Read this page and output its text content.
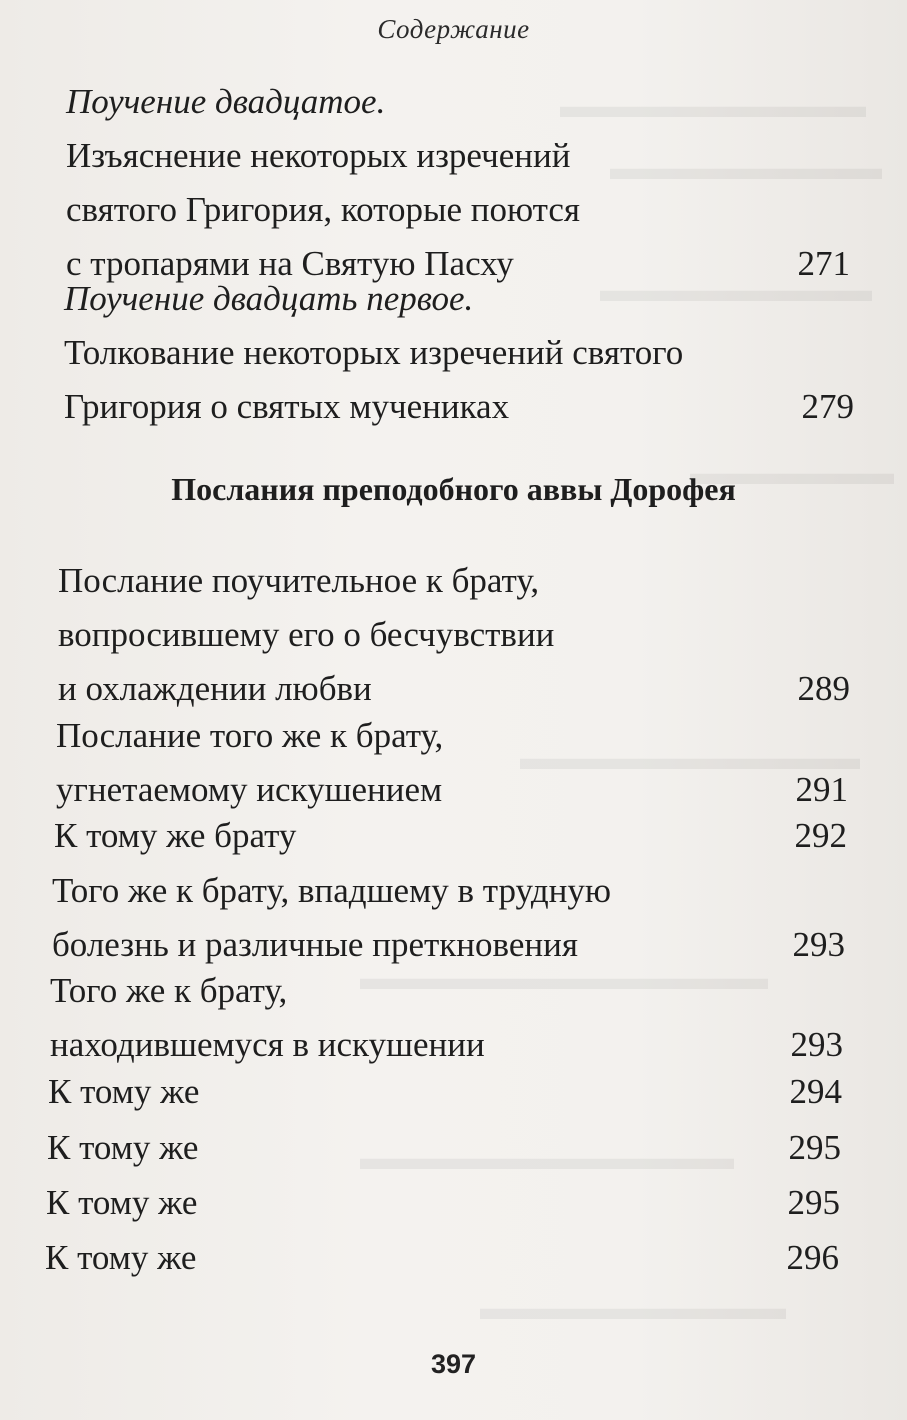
▬▬▬▬▬▬▬▬▬
▬▬▬▬▬▬▬▬
▬▬▬▬▬▬▬▬
▬▬▬▬▬▬
▬▬▬▬▬▬▬▬▬▬
▬▬▬▬▬▬▬▬▬▬▬▬
▬▬▬▬▬▬▬▬▬▬▬
▬▬▬▬▬▬▬▬▬
Содержание
Поучение двадцатое.
Изъяснение некоторых изречений
святого Григория, которые поются
с тропарями на Святую Пасху	271
Поучение двадцать первое.
Толкование некоторых изречений святого
Григория о святых мучениках	279
Послания преподобного аввы Дорофея
Послание поучительное к брату,
вопросившему его о бесчувствии
и охлаждении любви	289
Послание того же к брату,
угнетаемому искушением	291
К тому же брату	292
Того же к брату, впадшему в трудную
болезнь и различные преткновения	293
Того же к брату,
находившемуся в искушении	293
К тому же	294
К тому же	295
К тому же	295
К тому же	296
397
